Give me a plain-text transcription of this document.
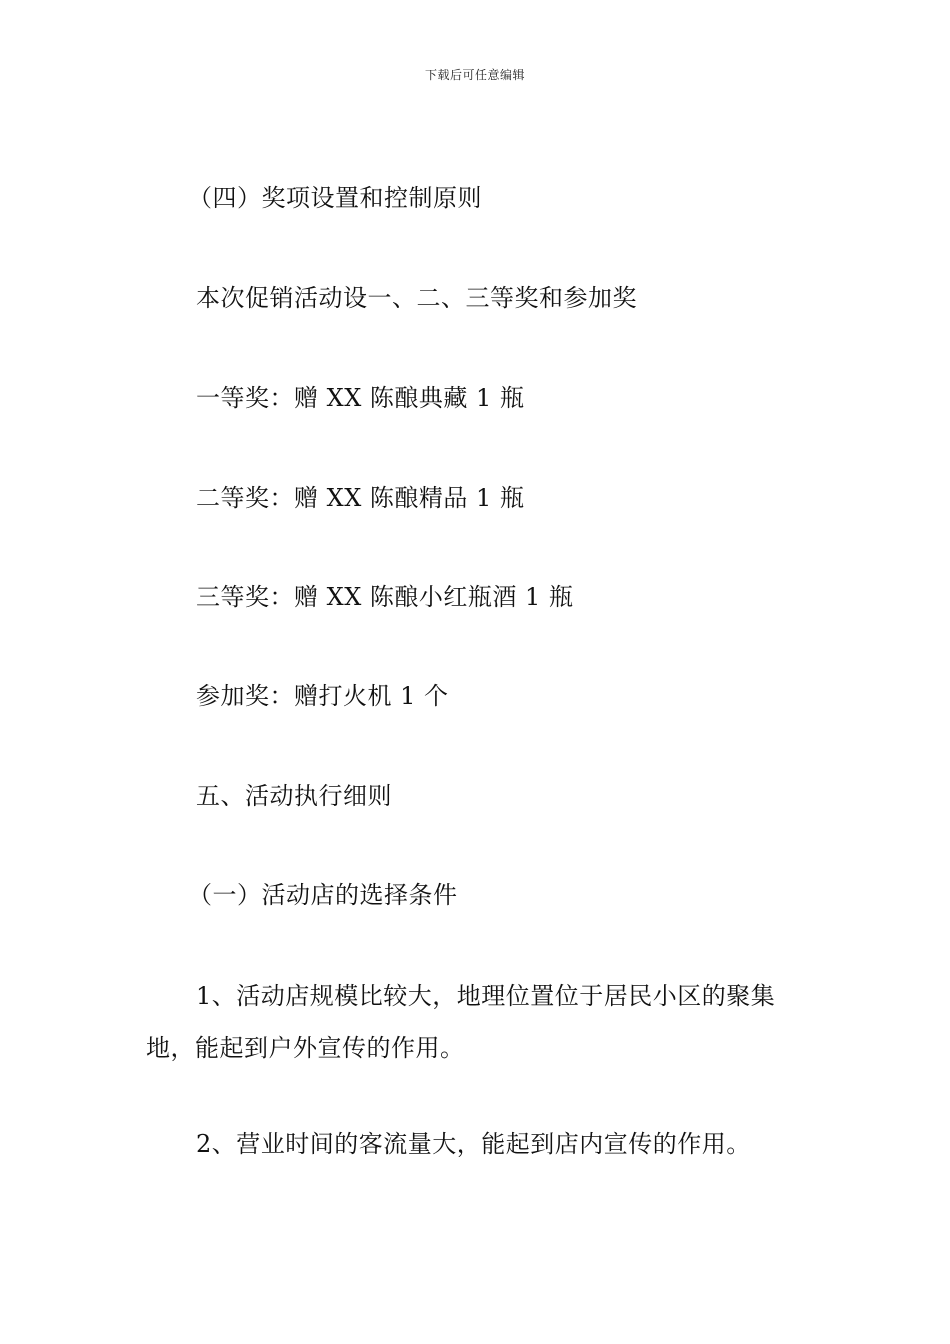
下载后可任意编辑
（四）奖项设置和控制原则
本次促销活动设一、二、三等奖和参加奖
一等奖：赠 XX 陈酿典藏 1 瓶
二等奖：赠 XX 陈酿精品 1 瓶
三等奖：赠 XX 陈酿小红瓶酒 1 瓶
参加奖：赠打火机 1 个
五、活动执行细则
（一）活动店的选择条件
1、活动店规模比较大，地理位置位于居民小区的聚集地，能起到户外宣传的作用。
2、营业时间的客流量大，能起到店内宣传的作用。
